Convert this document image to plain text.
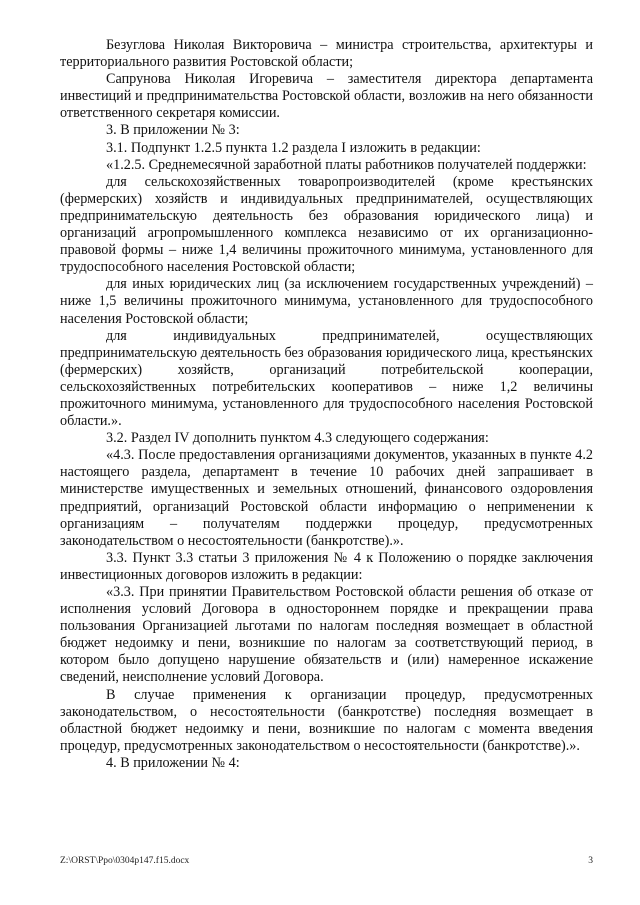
Безуглова Николая Викторовича – министра строительства, архитектуры и территориального развития Ростовской области;

Сапрунова Николая Игоревича – заместителя директора департамента инвестиций и предпринимательства Ростовской области, возложив на него обязанности ответственного секретаря комиссии.

3. В приложении № 3:

3.1. Подпункт 1.2.5 пункта 1.2 раздела I изложить в редакции:

«1.2.5. Среднемесячной заработной платы работников получателей поддержки:

для сельскохозяйственных товаропроизводителей (кроме крестьянских (фермерских) хозяйств и индивидуальных предпринимателей, осуществляющих предпринимательскую деятельность без образования юридического лица) и организаций агропромышленного комплекса независимо от их организационно-правовой формы – ниже 1,4 величины прожиточного минимума, установленного для трудоспособного населения Ростовской области;

для иных юридических лиц (за исключением государственных учреждений) – ниже 1,5 величины прожиточного минимума, установленного для трудоспособного населения Ростовской области;

для индивидуальных предпринимателей, осуществляющих предпринимательскую деятельность без образования юридического лица, крестьянских (фермерских) хозяйств, организаций потребительской кооперации, сельскохозяйственных потребительских кооперативов – ниже 1,2 величины прожиточного минимума, установленного для трудоспособного населения Ростовской области.».

3.2. Раздел IV дополнить пунктом 4.3 следующего содержания:

«4.3. После предоставления организациями документов, указанных в пункте 4.2 настоящего раздела, департамент в течение 10 рабочих дней запрашивает в министерстве имущественных и земельных отношений, финансового оздоровления предприятий, организаций Ростовской области информацию о неприменении к организациям – получателям поддержки процедур, предусмотренных законодательством о несостоятельности (банкротстве).».

3.3. Пункт 3.3 статьи 3 приложения № 4 к Положению о порядке заключения инвестиционных договоров изложить в редакции:

«3.3. При принятии Правительством Ростовской области решения об отказе от исполнения условий Договора в одностороннем порядке и прекращении права пользования Организацией льготами по налогам последняя возмещает в областной бюджет недоимку и пени, возникшие по налогам за соответствующий период, в котором было допущено нарушение обязательств и (или) намеренное искажение сведений, неисполнение условий Договора.

В случае применения к организации процедур, предусмотренных законодательством, о несостоятельности (банкротстве) последняя возмещает в областной бюджет недоимку и пени, возникшие по налогам с момента введения процедур, предусмотренных законодательством о несостоятельности (банкротстве).».

4. В приложении № 4:

Z:\ORST\Ppo\0304p147.f15.docx	3
